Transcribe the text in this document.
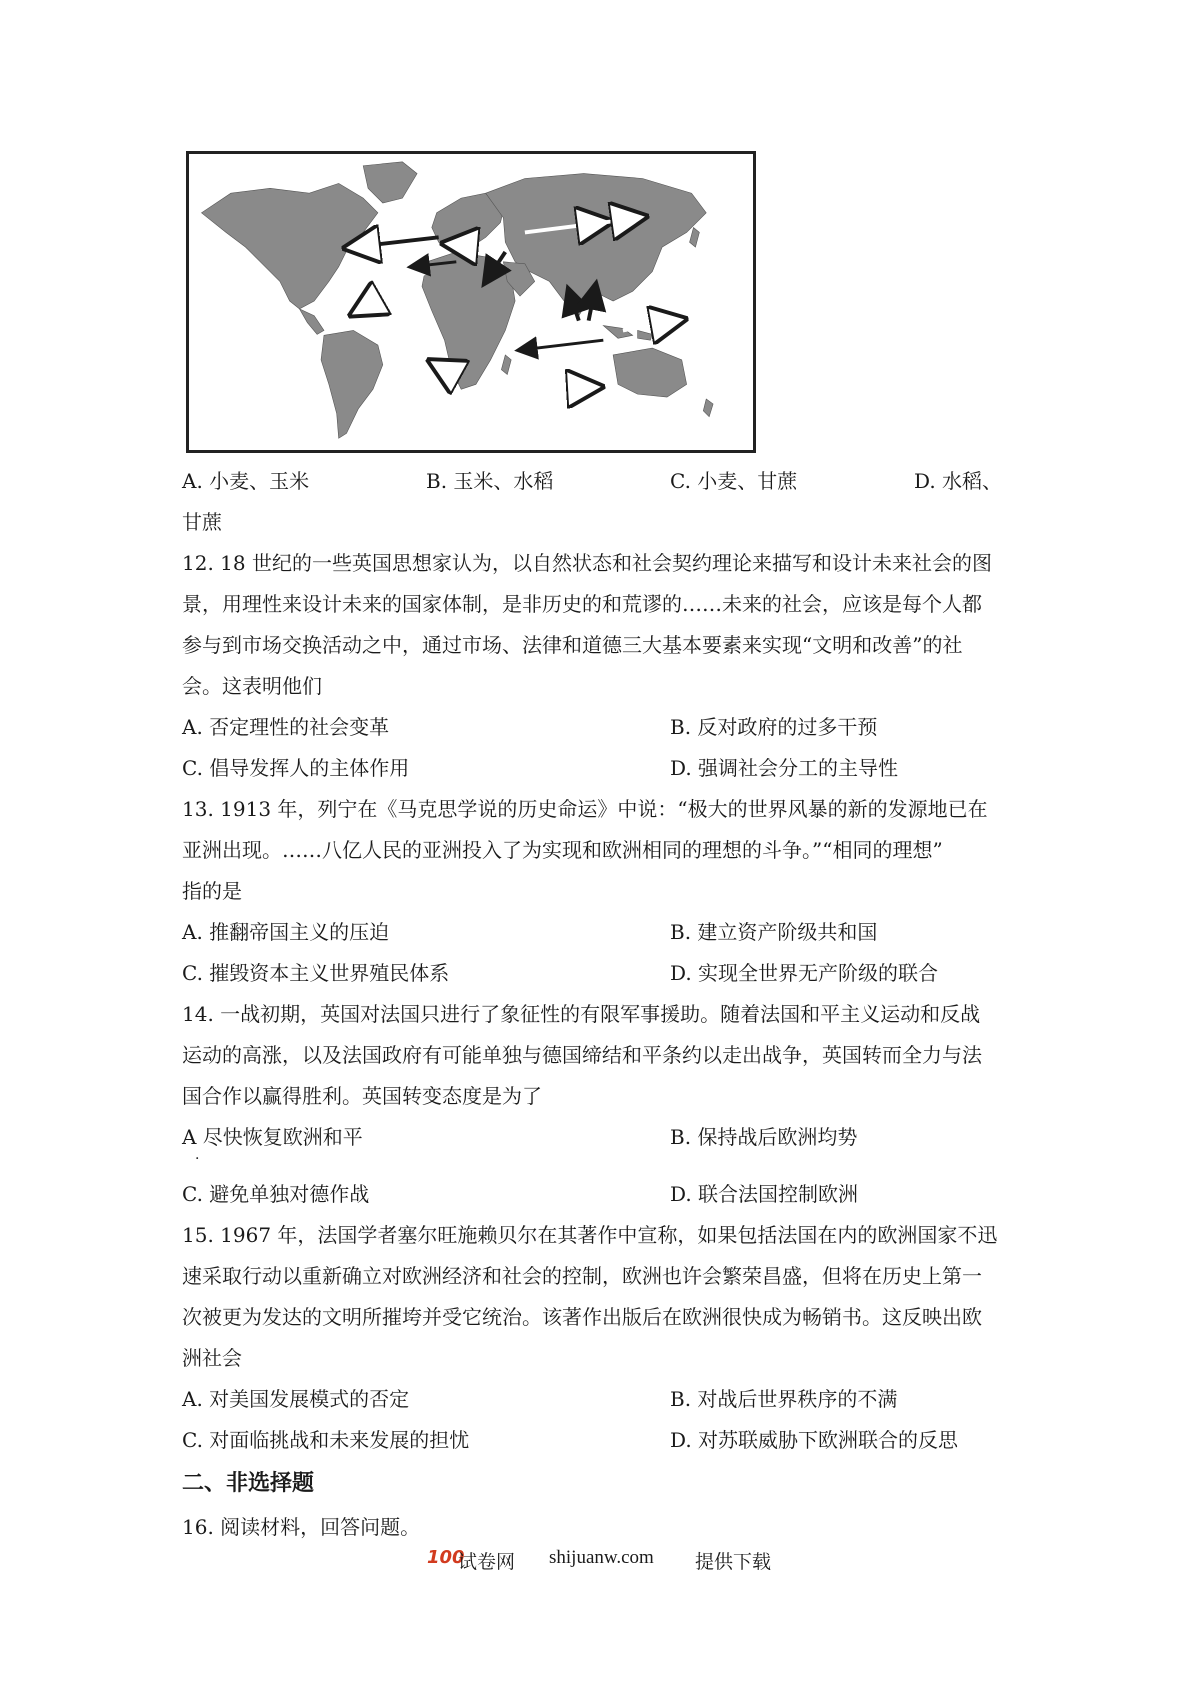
A. 小麦、玉米	B. 玉米、水稻	C. 小麦、甘蔗	D. 水稻、
甘蔗
12. 18 世纪的一些英国思想家认为，以自然状态和社会契约理论来描写和设计未来社会的图
景，用理性来设计未来的国家体制，是非历史的和荒谬的……未来的社会，应该是每个人都
参与到市场交换活动之中，通过市场、法律和道德三大基本要素来实现“文明和改善”的社
会。这表明他们
A. 否定理性的社会变革	B. 反对政府的过多干预
C. 倡导发挥人的主体作用	D. 强调社会分工的主导性
13. 1913 年，列宁在《马克思学说的历史命运》中说：“极大的世界风暴的新的发源地已在
亚洲出现。……八亿人民的亚洲投入了为实现和欧洲相同的理想的斗争。”“相同的理想”
指的是
A. 推翻帝国主义的压迫	B. 建立资产阶级共和国
C. 摧毁资本主义世界殖民体系	D. 实现全世界无产阶级的联合
14. 一战初期，英国对法国只进行了象征性的有限军事援助。随着法国和平主义运动和反战
运动的高涨，以及法国政府有可能单独与德国缔结和平条约以走出战争，英国转而全力与法
国合作以赢得胜利。英国转变态度是为了
A 尽快恢复欧洲和平	B. 保持战后欧洲均势
·
C. 避免单独对德作战	D. 联合法国控制欧洲
15. 1967 年，法国学者塞尔旺施赖贝尔在其著作中宣称，如果包括法国在内的欧洲国家不迅
速采取行动以重新确立对欧洲经济和社会的控制，欧洲也许会繁荣昌盛，但将在历史上第一
次被更为发达的文明所摧垮并受它统治。该著作出版后在欧洲很快成为畅销书。这反映出欧
洲社会
A. 对美国发展模式的否定	B. 对战后世界秩序的不满
C. 对面临挑战和未来发展的担忧	D. 对苏联威胁下欧洲联合的反思
二、非选择题
16. 阅读材料，回答问题。
100
试卷网 shijuanw.com 提供下载
